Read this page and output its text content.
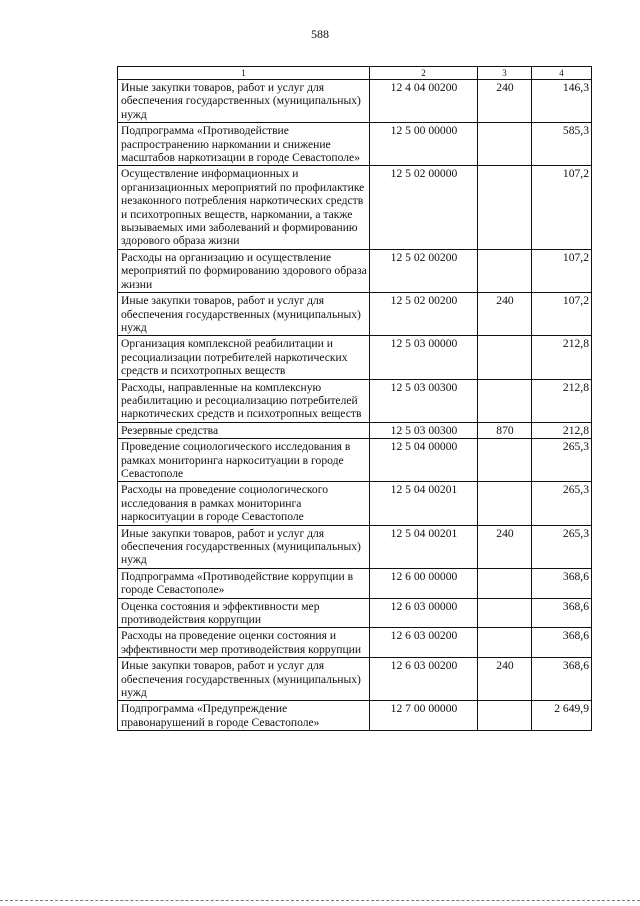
588
1	2	3	4
Иные закупки товаров, работ и услуг для обеспечения государственных (муниципальных) нужд	12 4 04 00200	240	146,3
Подпрограмма «Противодействие распространению наркомании и снижение масштабов наркотизации в городе Севастополе»	12 5 00 00000		585,3
Осуществление информационных и организационных мероприятий по профилактике незаконного потребления наркотических средств и психотропных веществ, наркомании, а также вызываемых ими заболеваний и формированию здорового образа жизни	12 5 02 00000		107,2
Расходы на организацию и осуществление мероприятий по формированию здорового образа жизни	12 5 02 00200		107,2
Иные закупки товаров, работ и услуг для обеспечения государственных (муниципальных) нужд	12 5 02 00200	240	107,2
Организация комплексной реабилитации и ресоциализации потребителей наркотических средств и психотропных веществ	12 5 03 00000		212,8
Расходы, направленные на комплексную реабилитацию и ресоциализацию потребителей наркотических средств и психотропных веществ	12 5 03 00300		212,8
Резервные средства	12 5 03 00300	870	212,8
Проведение социологического исследования в рамках мониторинга наркоситуации в городе Севастополе	12 5 04 00000		265,3
Расходы на проведение социологического исследования в рамках мониторинга наркоситуации в городе Севастополе	12 5 04 00201		265,3
Иные закупки товаров, работ и услуг для обеспечения государственных (муниципальных) нужд	12 5 04 00201	240	265,3
Подпрограмма «Противодействие коррупции в городе Севастополе»	12 6 00 00000		368,6
Оценка состояния и эффективности мер противодействия коррупции	12 6 03 00000		368,6
Расходы на проведение оценки состояния и эффективности мер противодействия коррупции	12 6 03 00200		368,6
Иные закупки товаров, работ и услуг для обеспечения государственных (муниципальных) нужд	12 6 03 00200	240	368,6
Подпрограмма «Предупреждение правонарушений в городе Севастополе»	12 7 00 00000		2 649,9
